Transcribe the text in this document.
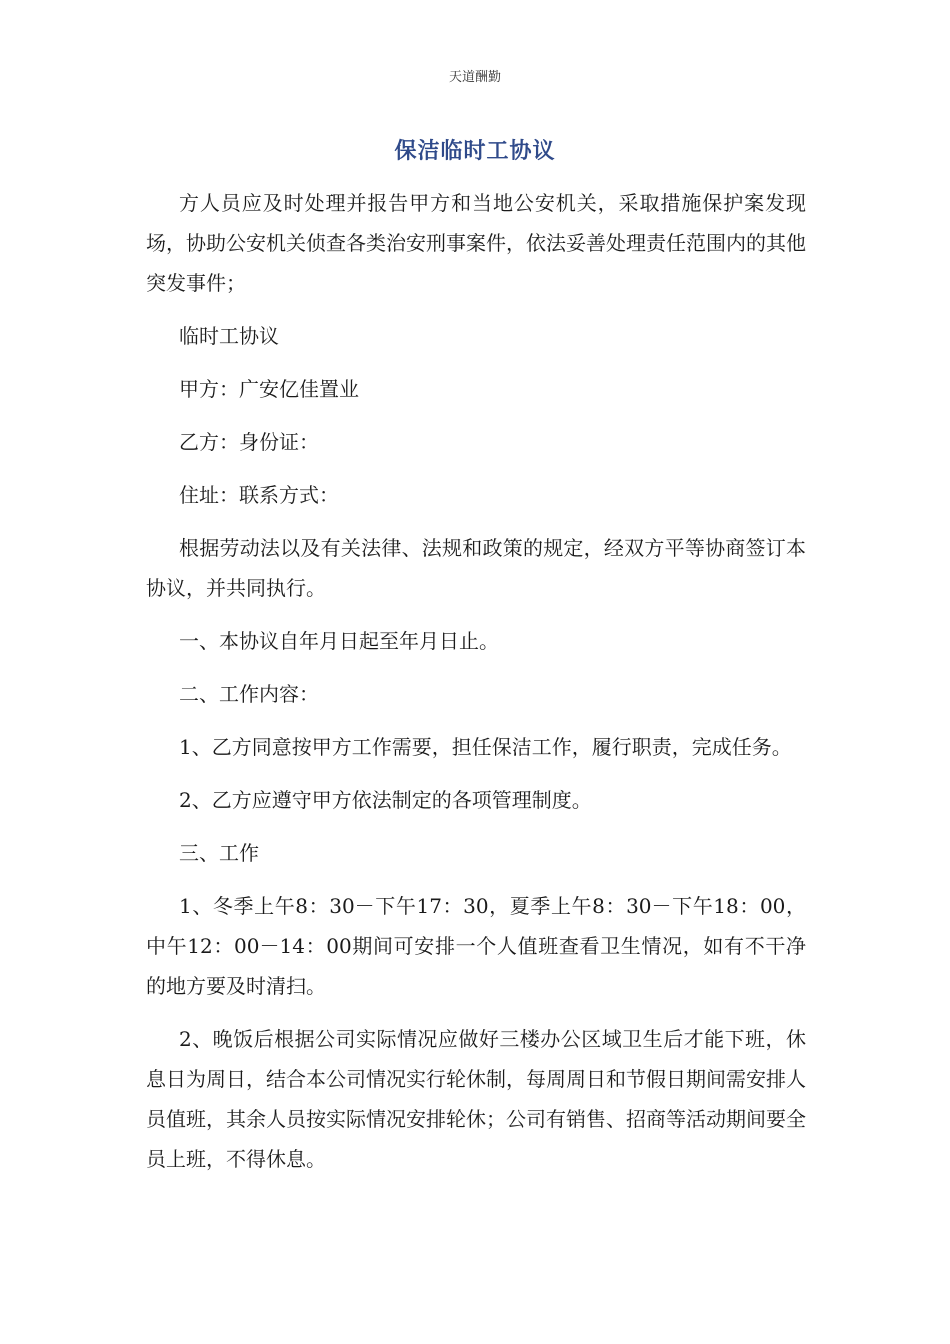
天道酬勤
保洁临时工协议

方人员应及时处理并报告甲方和当地公安机关，采取措施保护案发现场，协助公安机关侦查各类治安刑事案件，依法妥善处理责任范围内的其他突发事件；

临时工协议

甲方：广安亿佳置业

乙方：身份证：

住址：联系方式：

根据劳动法以及有关法律、法规和政策的规定，经双方平等协商签订本协议，并共同执行。

一、本协议自年月日起至年月日止。

二、工作内容：

1、乙方同意按甲方工作需要，担任保洁工作，履行职责，完成任务。

2、乙方应遵守甲方依法制定的各项管理制度。

三、工作

1、冬季上午8：30－下午17：30，夏季上午8：30－下午18：00，中午12：00－14：00期间可安排一个人值班查看卫生情况，如有不干净的地方要及时清扫。

2、晚饭后根据公司实际情况应做好三楼办公区域卫生后才能下班，休息日为周日，结合本公司情况实行轮休制，每周周日和节假日期间需安排人员值班，其余人员按实际情况安排轮休；公司有销售、招商等活动期间要全员上班，不得休息。
